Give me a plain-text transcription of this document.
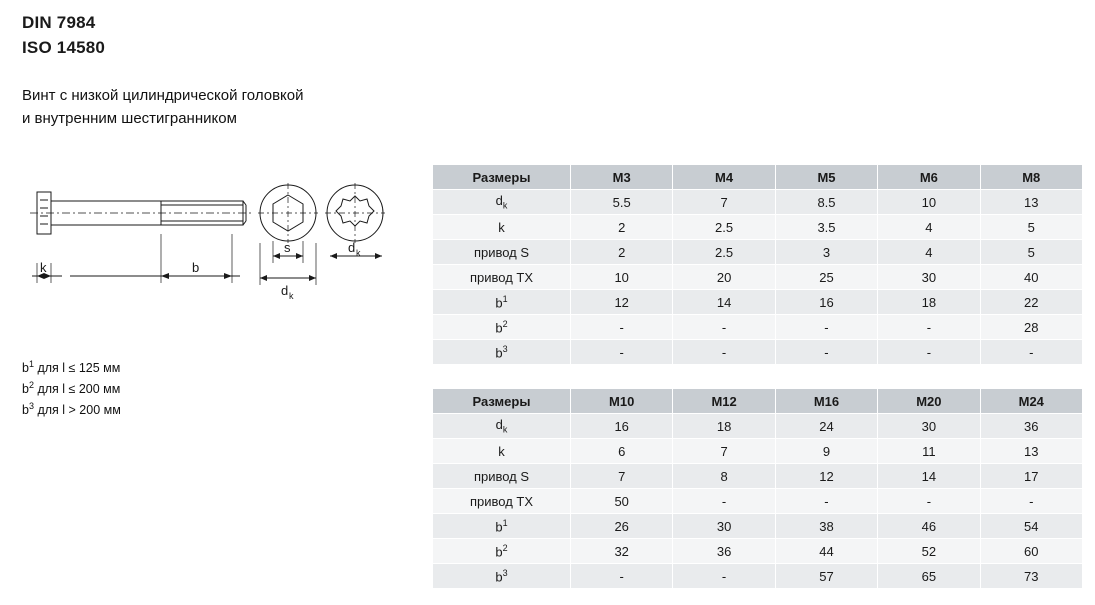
DIN 7984
ISO 14580
Винт с низкой цилиндрической головкой
и внутренним шестигранником
k	b
s
d k
d k
$b^1$ для l ≤ 125 мм
$b^2$ для l ≤ 200 мм
$b^3$ для l > 200 мм
Размеры	M3	M4	M5	M6	M8
$d_k$	5.5	7	8.5	10	13
k	2	2.5	3.5	4	5
привод S	2	2.5	3	4	5
привод TX	10	20	25	30	40
$b^1$	12	14	16	18	22
$b^2$	-	-	-	-	28
$b^3$	-	-	-	-	-
Размеры	M10	M12	M16	M20	M24
$d_k$	16	18	24	30	36
k	6	7	9	11	13
привод S	7	8	12	14	17
привод TX	50	-	-	-	-
$b^1$	26	30	38	46	54
$b^2$	32	36	44	52	60
$b^3$	-	-	57	65	73
